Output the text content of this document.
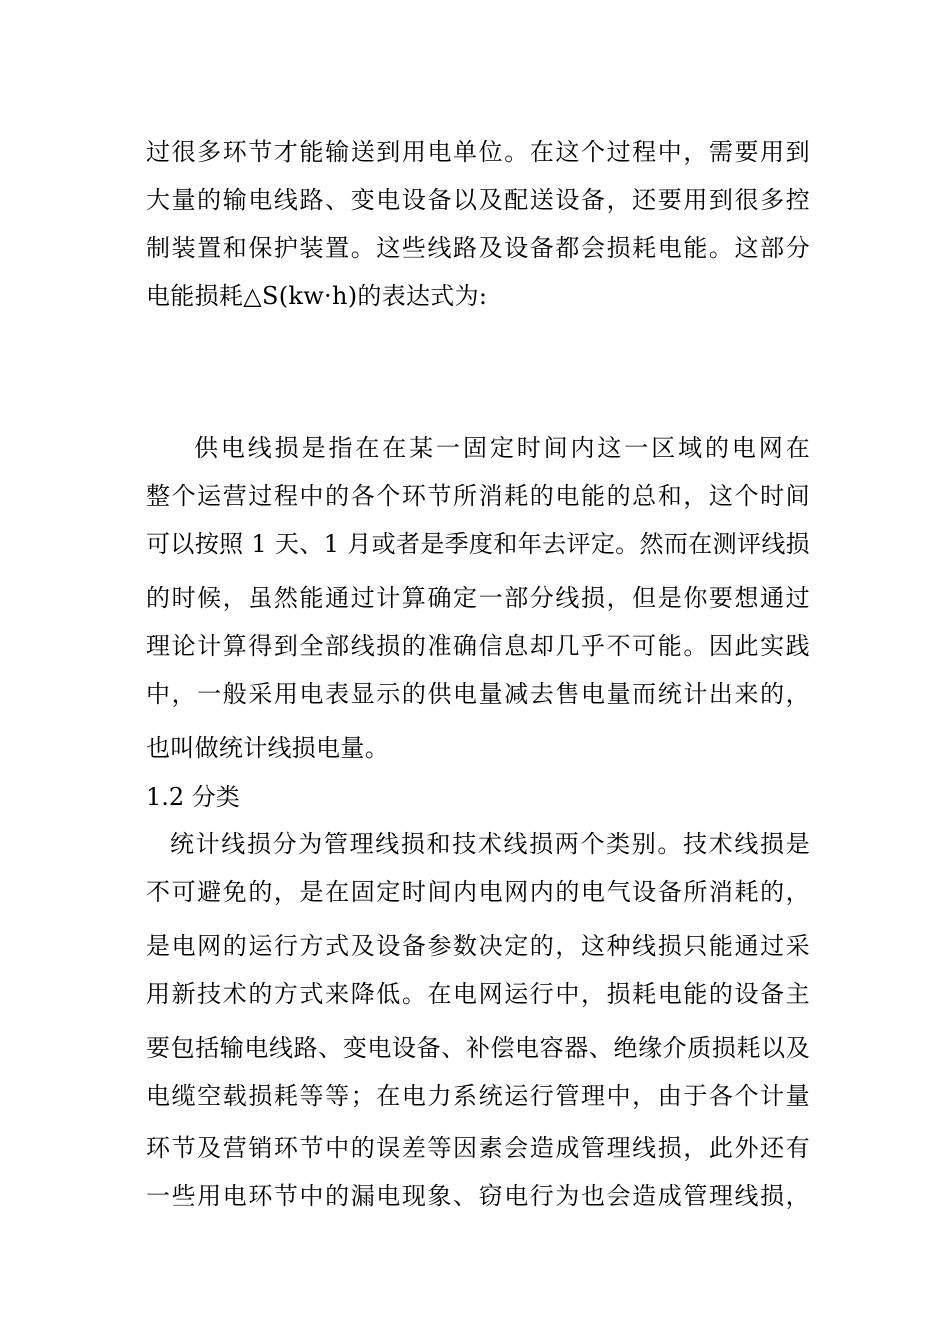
过很多环节才能输送到用电单位。在这个过程中，需要用到
大量的输电线路、变电设备以及配送设备，还要用到很多控
制装置和保护装置。这些线路及设备都会损耗电能。这部分
电能损耗△S(kw·h)的表达式为:
供电线损是指在在某一固定时间内这一区域的电网在
整个运营过程中的各个环节所消耗的电能的总和，这个时间
可以按照 1 天、1 月或者是季度和年去评定。然而在测评线损
的时候，虽然能通过计算确定一部分线损，但是你要想通过
理论计算得到全部线损的准确信息却几乎不可能。因此实践
中，一般采用电表显示的供电量减去售电量而统计出来的，
也叫做统计线损电量。
1.2 分类
统计线损分为管理线损和技术线损两个类别。技术线损是
不可避免的，是在固定时间内电网内的电气设备所消耗的，
是电网的运行方式及设备参数决定的，这种线损只能通过采
用新技术的方式来降低。在电网运行中，损耗电能的设备主
要包括输电线路、变电设备、补偿电容器、绝缘介质损耗以及
电缆空载损耗等等；在电力系统运行管理中，由于各个计量
环节及营销环节中的误差等因素会造成管理线损，此外还有
一些用电环节中的漏电现象、窃电行为也会造成管理线损，
